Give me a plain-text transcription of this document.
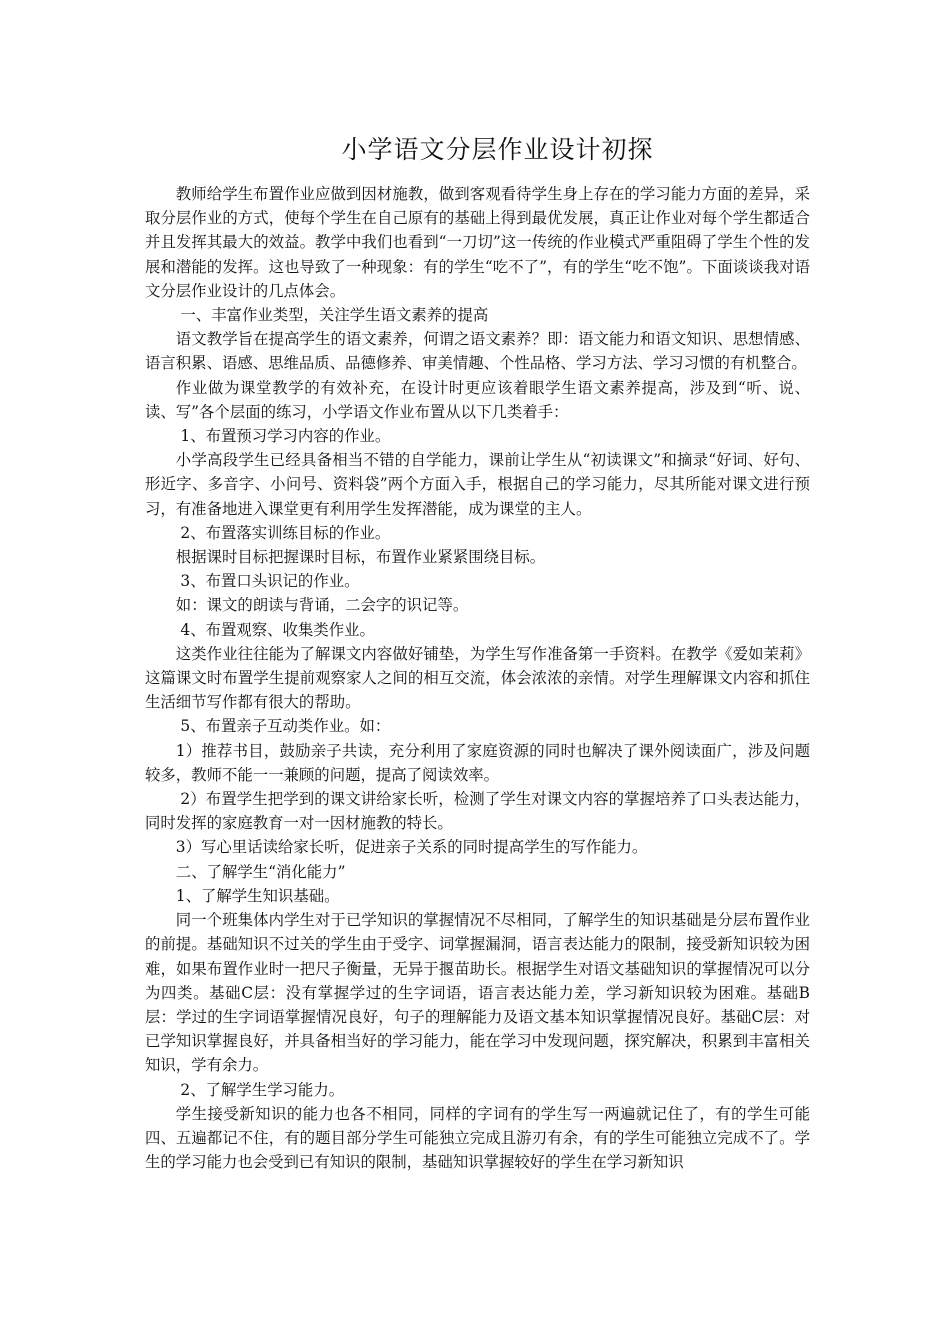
小学语文分层作业设计初探

教师给学生布置作业应做到因材施教，做到客观看待学生身上存在的学习能力方面的差异，采取分层作业的方式，使每个学生在自己原有的基础上得到最优发展，真正让作业对每个学生都适合并且发挥其最大的效益。教学中我们也看到“一刀切”这一传统的作业模式严重阻碍了学生个性的发展和潜能的发挥。这也导致了一种现象：有的学生“吃不了”，有的学生“吃不饱”。下面谈谈我对语文分层作业设计的几点体会。

一、丰富作业类型，关注学生语文素养的提高

语文教学旨在提高学生的语文素养，何谓之语文素养？即：语文能力和语文知识、思想情感、语言积累、语感、思维品质、品德修养、审美情趣、个性品格、学习方法、学习习惯的有机整合。

作业做为课堂教学的有效补充，在设计时更应该着眼学生语文素养提高，涉及到“听、说、读、写”各个层面的练习，小学语文作业布置从以下几类着手：

1、布置预习学习内容的作业。

小学高段学生已经具备相当不错的自学能力，课前让学生从“初读课文”和摘录“好词、好句、形近字、多音字、小问号、资料袋”两个方面入手，根据自己的学习能力，尽其所能对课文进行预习，有准备地进入课堂更有利用学生发挥潜能，成为课堂的主人。

2、布置落实训练目标的作业。

根据课时目标把握课时目标，布置作业紧紧围绕目标。

3、布置口头识记的作业。

如：课文的朗读与背诵，二会字的识记等。

4、布置观察、收集类作业。

这类作业往往能为了解课文内容做好铺垫，为学生写作准备第一手资料。在教学《爱如茉莉》这篇课文时布置学生提前观察家人之间的相互交流，体会浓浓的亲情。对学生理解课文内容和抓住生活细节写作都有很大的帮助。

5、布置亲子互动类作业。如：

1）推荐书目，鼓励亲子共读，充分利用了家庭资源的同时也解决了课外阅读面广，涉及问题较多，教师不能一一兼顾的问题，提高了阅读效率。

2）布置学生把学到的课文讲给家长听，检测了学生对课文内容的掌握培养了口头表达能力，同时发挥的家庭教育一对一因材施教的特长。

3）写心里话读给家长听，促进亲子关系的同时提高学生的写作能力。

二、了解学生“消化能力”

1、了解学生知识基础。

同一个班集体内学生对于已学知识的掌握情况不尽相同，了解学生的知识基础是分层布置作业的前提。基础知识不过关的学生由于受字、词掌握漏洞，语言表达能力的限制，接受新知识较为困难，如果布置作业时一把尺子衡量，无异于揠苗助长。根据学生对语文基础知识的掌握情况可以分为四类。基础C层：没有掌握学过的生字词语，语言表达能力差，学习新知识较为困难。基础B层：学过的生字词语掌握情况良好，句子的理解能力及语文基本知识掌握情况良好。基础C层：对已学知识掌握良好，并具备相当好的学习能力，能在学习中发现问题，探究解决，积累到丰富相关知识，学有余力。

2、了解学生学习能力。

学生接受新知识的能力也各不相同，同样的字词有的学生写一两遍就记住了，有的学生可能四、五遍都记不住，有的题目部分学生可能独立完成且游刃有余，有的学生可能独立完成不了。学生的学习能力也会受到已有知识的限制，基础知识掌握较好的学生在学习新知识
